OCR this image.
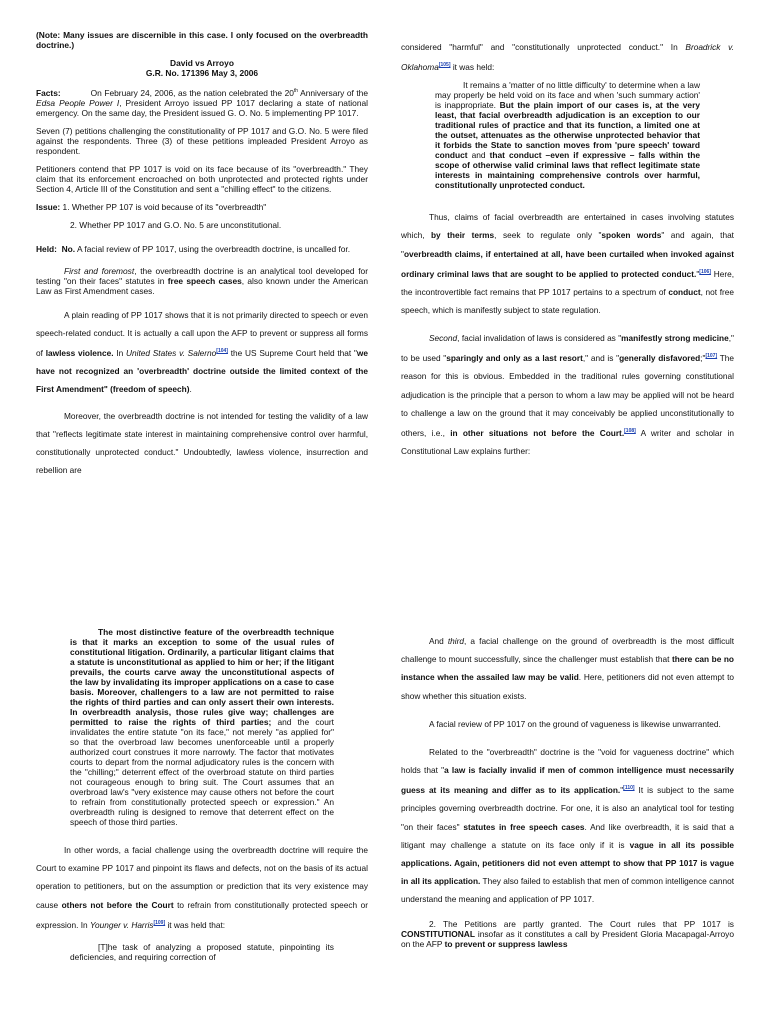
(Note: Many issues are discernible in this case. I only focused on the overbreadth doctrine.)

David vs Arroyo

G.R. No. 171396 May 3, 2006

Facts:	On February 24, 2006, as the nation celebrated the 20th Anniversary of the Edsa People Power I, President Arroyo issued PP 1017 declaring a state of national emergency. On the same day, the President issued G. O. No. 5 implementing PP 1017.

Seven (7) petitions challenging the constitutionality of PP 1017 and G.O. No. 5 were filed against the respondents. Three (3) of these petitions impleaded President Arroyo as respondent.

Petitioners contend that PP 1017 is void on its face because of its "overbreadth." They claim that its enforcement encroached on both unprotected and protected rights under Section 4, Article III of the Constitution and sent a "chilling effect" to the citizens.

Issue: 1. Whether PP 107 is void because of its "overbreadth"

2. Whether PP 1017 and G.O. No. 5 are unconstitutional.

Held: No. A facial review of PP 1017, using the overbreadth doctrine, is uncalled for.

First and foremost, the overbreadth doctrine is an analytical tool developed for testing "on their faces" statutes in free speech cases, also known under the American Law as First Amendment cases.

A plain reading of PP 1017 shows that it is not primarily directed to speech or even speech-related conduct. It is actually a call upon the AFP to prevent or suppress all forms of lawless violence. In United States v. Salerno[104] the US Supreme Court held that "we have not recognized an 'overbreadth' doctrine outside the limited context of the First Amendment" (freedom of speech).

Moreover, the overbreadth doctrine is not intended for testing the validity of a law that "reflects legitimate state interest in maintaining comprehensive control over harmful, constitutionally unprotected conduct." Undoubtedly, lawless violence, insurrection and rebellion are

considered "harmful" and "constitutionally unprotected conduct." In Broadrick v. Oklahoma[105] it was held:

It remains a 'matter of no little difficulty' to determine when a law may properly be held void on its face and when 'such summary action' is inappropriate. But the plain import of our cases is, at the very least, that facial overbreadth adjudication is an exception to our traditional rules of practice and that its function, a limited one at the outset, attenuates as the otherwise unprotected behavior that it forbids the State to sanction moves from 'pure speech' toward conduct and that conduct –even if expressive – falls within the scope of otherwise valid criminal laws that reflect legitimate state interests in maintaining comprehensive controls over harmful, constitutionally unprotected conduct.

Thus, claims of facial overbreadth are entertained in cases involving statutes which, by their terms, seek to regulate only "spoken words" and again, that "overbreadth claims, if entertained at all, have been curtailed when invoked against ordinary criminal laws that are sought to be applied to protected conduct."[106] Here, the incontrovertible fact remains that PP 1017 pertains to a spectrum of conduct, not free speech, which is manifestly subject to state regulation.

Second, facial invalidation of laws is considered as "manifestly strong medicine," to be used "sparingly and only as a last resort," and is "generally disfavored;"[107] The reason for this is obvious. Embedded in the traditional rules governing constitutional adjudication is the principle that a person to whom a law may be applied will not be heard to challenge a law on the ground that it may conceivably be applied unconstitutionally to others, i.e., in other situations not before the Court.[108] A writer and scholar in Constitutional Law explains further:

The most distinctive feature of the overbreadth technique is that it marks an exception to some of the usual rules of constitutional litigation. Ordinarily, a particular litigant claims that a statute is unconstitutional as applied to him or her; if the litigant prevails, the courts carve away the unconstitutional aspects of the law by invalidating its improper applications on a case to case basis. Moreover, challengers to a law are not permitted to raise the rights of third parties and can only assert their own interests. In overbreadth analysis, those rules give way; challenges are permitted to raise the rights of third parties; and the court invalidates the entire statute "on its face," not merely "as applied for" so that the overbroad law becomes unenforceable until a properly authorized court construes it more narrowly. The factor that motivates courts to depart from the normal adjudicatory rules is the concern with the "chilling;" deterrent effect of the overbroad statute on third parties not courageous enough to bring suit. The Court assumes that an overbroad law's "very existence may cause others not before the court to refrain from constitutionally protected speech or expression." An overbreadth ruling is designed to remove that deterrent effect on the speech of those third parties.

In other words, a facial challenge using the overbreadth doctrine will require the Court to examine PP 1017 and pinpoint its flaws and defects, not on the basis of its actual operation to petitioners, but on the assumption or prediction that its very existence may cause others not before the Court to refrain from constitutionally protected speech or expression. In Younger v. Harris[109] it was held that:

[T]he task of analyzing a proposed statute, pinpointing its deficiencies, and requiring correction of

And third, a facial challenge on the ground of overbreadth is the most difficult challenge to mount successfully, since the challenger must establish that there can be no instance when the assailed law may be valid. Here, petitioners did not even attempt to show whether this situation exists.

A facial review of PP 1017 on the ground of vagueness is likewise unwarranted.

Related to the "overbreadth" doctrine is the "void for vagueness doctrine" which holds that "a law is facially invalid if men of common intelligence must necessarily guess at its meaning and differ as to its application."[110] It is subject to the same principles governing overbreadth doctrine. For one, it is also an analytical tool for testing "on their faces" statutes in free speech cases. And like overbreadth, it is said that a litigant may challenge a statute on its face only if it is vague in all its possible applications. Again, petitioners did not even attempt to show that PP 1017 is vague in all its application. They also failed to establish that men of common intelligence cannot understand the meaning and application of PP 1017.

2. The Petitions are partly granted. The Court rules that PP 1017 is CONSTITUTIONAL insofar as it constitutes a call by President Gloria Macapagal-Arroyo on the AFP to prevent or suppress lawless
